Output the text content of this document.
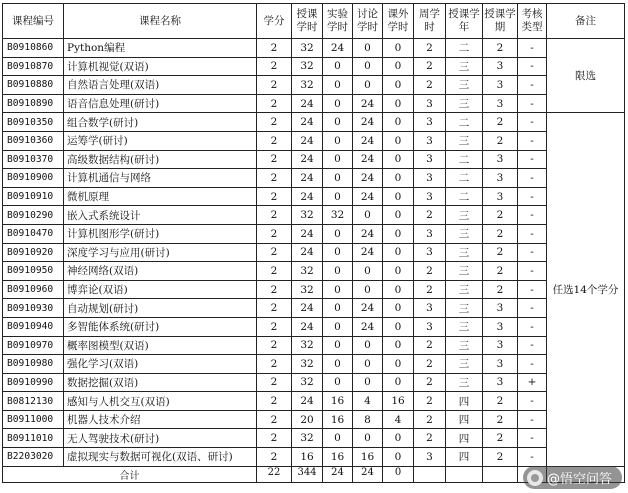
课程编号	课程名称	学分	授课学时	实验学时	讨论学时	课外学时	周学时	授课学年	授课学期	考核类型	备注
B0910860	Python编程	2	32	24	0	0	2	二	2	-	限选
B0910870	计算机视觉(双语)	2	32	0	0	0	2	三	3	-	
B0910880	自然语言处理(双语)	2	32	0	0	0	2	三	3	-	
B0910890	语音信息处理(研讨)	2	24	0	24	0	3	三	3	-	
B0910350	组合数学(研讨)	2	24	0	24	0	3	二	2	-	任选14个学分
B0910360	运筹学(研讨)	2	24	0	24	0	3	三	2	-	
B0910370	高级数据结构(研讨)	2	24	0	24	0	3	二	3	-	
B0910900	计算机通信与网络	2	24	0	24	0	3	二	3	-	
B0910910	微机原理	2	24	0	24	0	3	二	3	-	
B0910290	嵌入式系统设计	2	32	32	0	0	2	三	2	-	
B0910470	计算机图形学(研讨)	2	24	0	24	0	3	三	2	-	
B0910920	深度学习与应用(研讨)	2	24	0	24	0	3	三	2	-	
B0910950	神经网络(双语)	2	32	0	0	0	2	三	2	-	
B0910960	博弈论(双语)	2	32	0	0	0	2	三	2	-	
B0910930	自动规划(研讨)	2	24	0	24	0	3	三	3	-	
B0910940	多智能体系统(研讨)	2	24	0	24	0	3	三	3	-	
B0910970	概率图模型(双语)	2	32	0	0	0	2	三	3	-	
B0910980	强化学习(双语)	2	32	0	0	0	2	三	3	-	
B0910990	数据挖掘(双语)	2	32	0	0	0	2	三	3	+	
B0812130	感知与人机交互(双语)	2	24	16	4	16	2	四	2	-	
B0911000	机器人技术介绍	2	20	16	8	4	2	四	2	-	
B0911010	无人驾驶技术(研讨)	2	32	0	0	0	2	四	2	-	
B2203020	虚拟现实与数据可视化(双语、研讨)	2	16	16	16	0	3	四	2	-	
合计		22	344	24	24	0						@悟空问答
